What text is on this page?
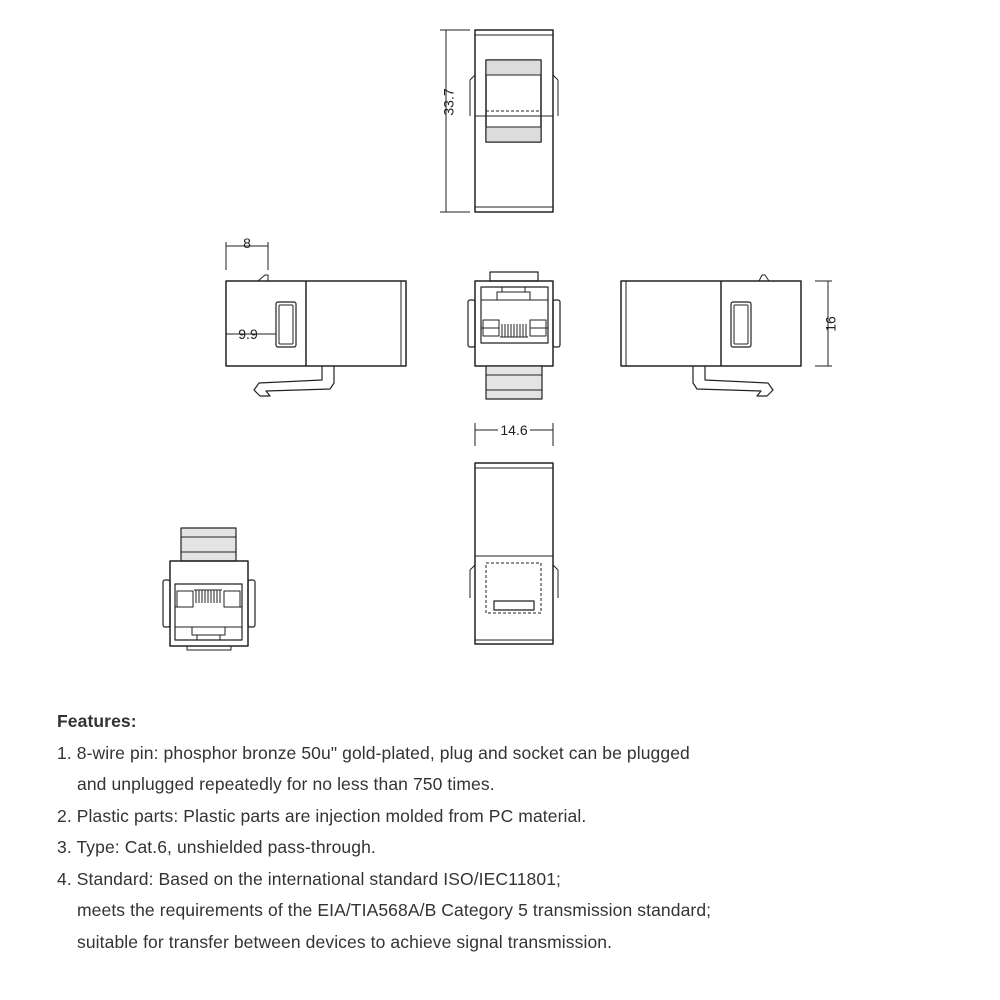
33.7
8
9.9
14.6
16
Features:
1. 8-wire pin: phosphor bronze 50u" gold-plated, plug and socket can be plugged
and unplugged repeatedly for no less than 750 times.
2. Plastic parts: Plastic parts are injection molded from PC material.
3. Type: Cat.6, unshielded pass-through.
4. Standard: Based on the international standard ISO/IEC11801;
meets the requirements of the EIA/TIA568A/B Category 5 transmission standard;
suitable for transfer between devices to achieve signal transmission.
